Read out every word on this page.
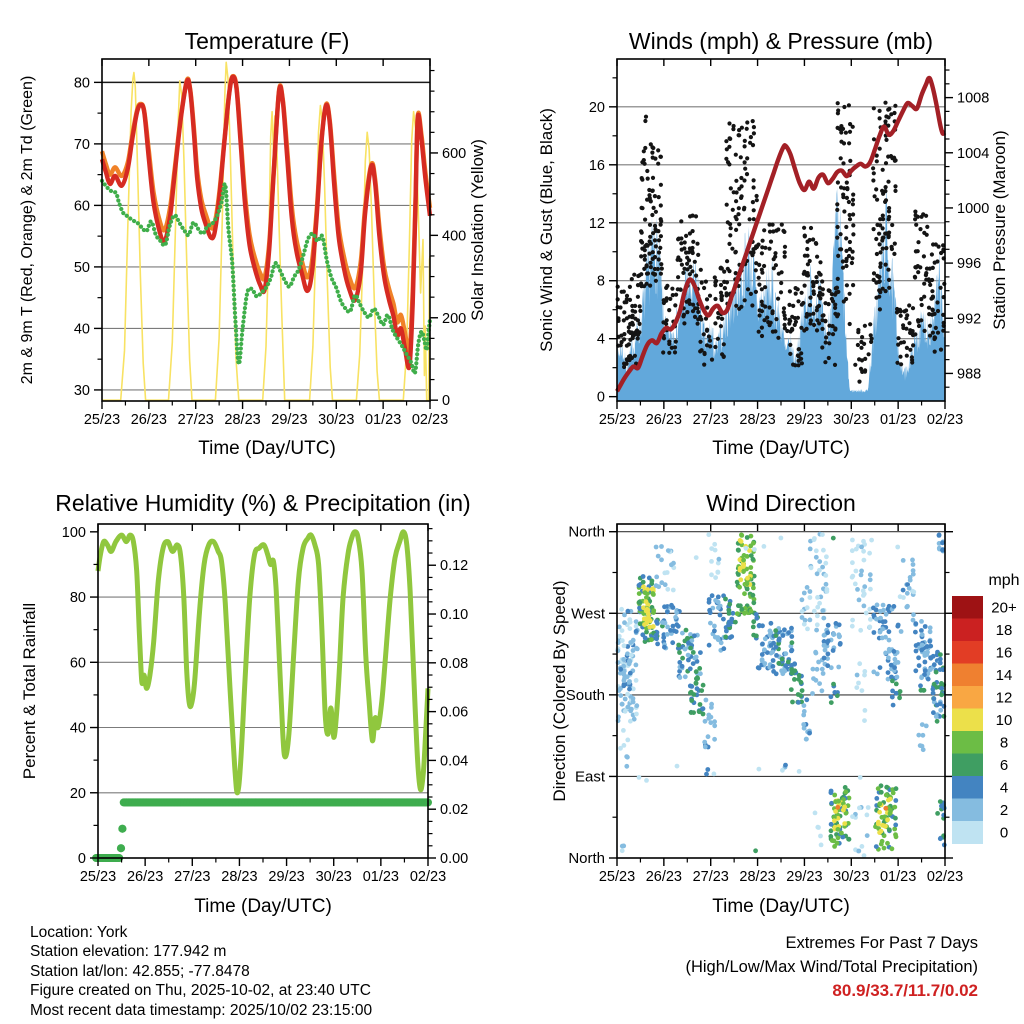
25/23 26/23 27/23 28/23 29/23 30/23 01/23 02/23
30
40
50
60
70
80
0
200
400
600
25/23 26/23 27/23 28/23 29/23 30/23 01/23 02/23
0
4
8
12
16
20
988
992
996
1000
1004
1008
25/23 26/23 27/23 28/23 29/23 30/23 01/23 02/23
0
20
40
60
80
100
0.00
0.02
0.04
0.06
0.08
0.10
0.12
25/23 26/23 27/23 28/23 29/23 30/23 01/23 02/23
North
East
South
West
North
mph
20+
18
16
14
12
10
8
6
4
2
0
Temperature (F)	Winds (mph) & Pressure (mb)
Relative Humidity (%) & Precipitation (in)	Wind Direction
Time (Day/UTC)	Time (Day/UTC)
Time (Day/UTC)	Time (Day/UTC)
2m & 9m T (Red, Orange) & 2m Td (Green)	Solar Insolation (Yellow)	Sonic Wind & Gust (Blue, Black)	Station Pressure (Maroon)
Percent & Total Rainfall	Direction (Colored By Speed)
Location: York
Station elevation: 177.942 m
Station lat/lon: 42.855; -77.8478
Figure created on Thu, 2025-10-02, at 23:40 UTC
Most recent data timestamp: 2025/10/02 23:15:00
Extremes For Past 7 Days
(High/Low/Max Wind/Total Precipitation)
80.9/33.7/11.7/0.02
